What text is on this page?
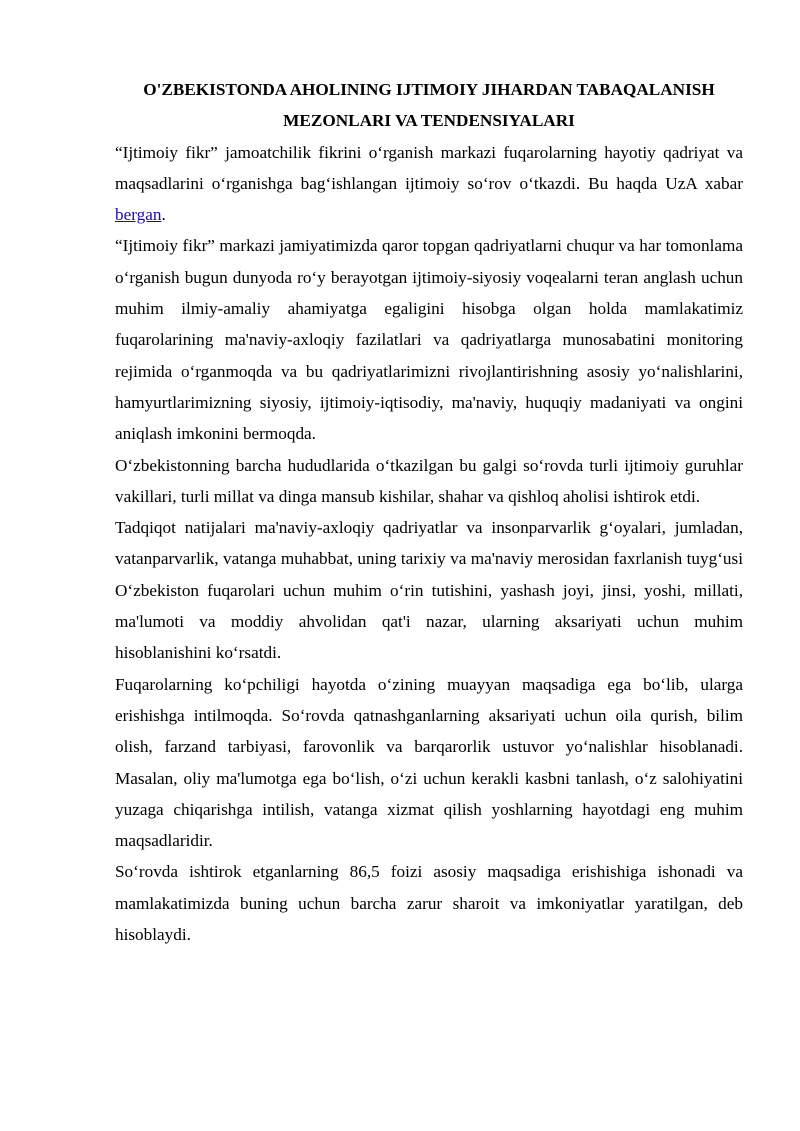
O'ZBEKISTONDA AHOLINING IJTIMOIY JIHARDAN TABAQALANISH
MEZONLARI VA TENDENSIYALARI

“Ijtimoiy fikr” jamoatchilik fikrini o‘rganish markazi fuqarolarning hayotiy qadriyat va maqsadlarini o‘rganishga bag‘ishlangan ijtimoiy so‘rov o‘tkazdi. Bu haqda UzA xabar bergan.

“Ijtimoiy fikr” markazi jamiyatimizda qaror topgan qadriyatlarni chuqur va har tomonlama o‘rganish bugun dunyoda ro‘y berayotgan ijtimoiy-siyosiy voqealarni teran anglash uchun muhim ilmiy-amaliy ahamiyatga egaligini hisobga olgan holda mamlakatimiz fuqarolarining ma'naviy-axloqiy fazilatlari va qadriyatlarga munosabatini monitoring rejimida o‘rganmoqda va bu qadriyatlarimizni rivojlantirishning asosiy yo‘nalishlarini, hamyurtlarimizning siyosiy, ijtimoiy-iqtisodiy, ma'naviy, huquqiy madaniyati va ongini aniqlash imkonini bermoqda.

O‘zbekistonning barcha hududlarida o‘tkazilgan bu galgi so‘rovda turli ijtimoiy guruhlar vakillari, turli millat va dinga mansub kishilar, shahar va qishloq aholisi ishtirok etdi.

Tadqiqot natijalari ma'naviy-axloqiy qadriyatlar va insonparvarlik g‘oyalari, jumladan, vatanparvarlik, vatanga muhabbat, uning tarixiy va ma'naviy merosidan faxrlanish tuyg‘usi O‘zbekiston fuqarolari uchun muhim o‘rin tutishini, yashash joyi, jinsi, yoshi, millati, ma'lumoti va moddiy ahvolidan qat'i nazar, ularning aksariyati uchun muhim hisoblanishini ko‘rsatdi.

Fuqarolarning ko‘pchiligi hayotda o‘zining muayyan maqsadiga ega bo‘lib, ularga erishishga intilmoqda. So‘rovda qatnashganlarning aksariyati uchun oila qurish, bilim olish, farzand tarbiyasi, farovonlik va barqarorlik ustuvor yo‘nalishlar hisoblanadi. Masalan, oliy ma'lumotga ega bo‘lish, o‘zi uchun kerakli kasbni tanlash, o‘z salohiyatini yuzaga chiqarishga intilish, vatanga xizmat qilish yoshlarning hayotdagi eng muhim maqsadlaridir.

So‘rovda ishtirok etganlarning 86,5 foizi asosiy maqsadiga erishishiga ishonadi va mamlakatimizda buning uchun barcha zarur sharoit va imkoniyatlar yaratilgan, deb hisoblaydi.
